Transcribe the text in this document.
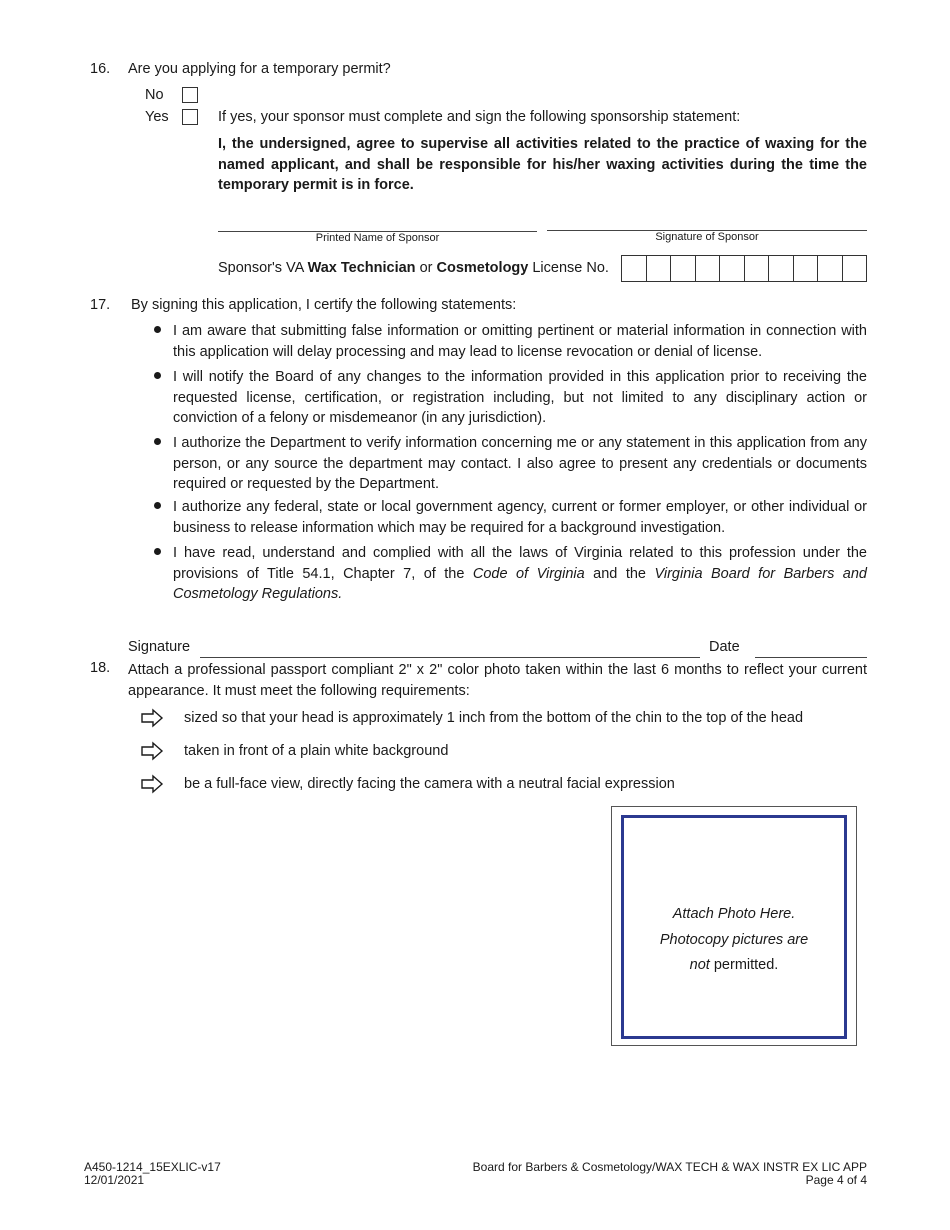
16. Are you applying for a temporary permit?
No
Yes	If yes, your sponsor must complete and sign the following sponsorship statement:
I, the undersigned, agree to supervise all activities related to the practice of waxing for the named applicant, and shall be responsible for his/her waxing activities during the time the temporary permit is in force.
Printed Name of Sponsor	Signature of Sponsor
Sponsor's VA Wax Technician or Cosmetology License No.
17. By signing this application, I certify the following statements:
I am aware that submitting false information or omitting pertinent or material information in connection with this application will delay processing and may lead to license revocation or denial of license.
I will notify the Board of any changes to the information provided in this application prior to receiving the requested license, certification, or registration including, but not limited to any disciplinary action or conviction of a felony or misdemeanor (in any jurisdiction).
I authorize the Department to verify information concerning me or any statement in this application from any person, or any source the department may contact. I also agree to present any credentials or documents required or requested by the Department.
I authorize any federal, state or local government agency, current or former employer, or other individual or business to release information which may be required for a background investigation.
I have read, understand and complied with all the laws of Virginia related to this profession under the provisions of Title 54.1, Chapter 7, of the Code of Virginia and the Virginia Board for Barbers and Cosmetology Regulations.
Signature	Date
18. Attach a professional passport compliant 2" x 2" color photo taken within the last 6 months to reflect your current appearance. It must meet the following requirements:
sized so that your head is approximately 1 inch from the bottom of the chin to the top of the head
taken in front of a plain white background
be a full-face view, directly facing the camera with a neutral facial expression
Attach Photo Here.
Photocopy pictures are
not permitted.
A450-1214_15EXLIC-v17
12/01/2021
Board for Barbers & Cosmetology/WAX TECH & WAX INSTR EX LIC APP
Page 4 of 4
